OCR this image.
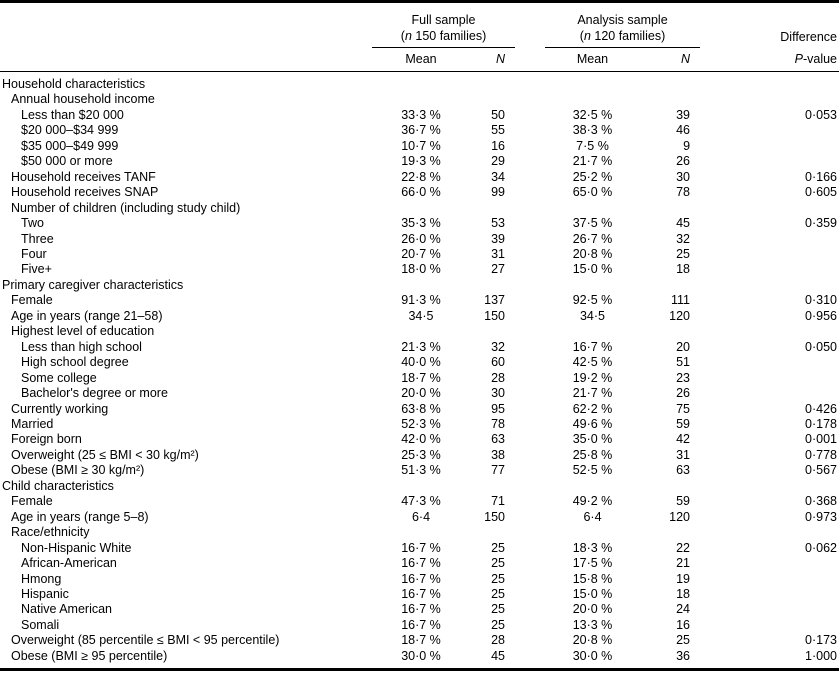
	Full sample
(n 150 families)			Analysis sample
(n 120 families)		Difference
	Mean	N		Mean	N	P-value
Household characteristics						
Annual household income						
Less than $20 000	33·3 %	50		32·5 %	39	0·053
$20 000–$34 999	36·7 %	55		38·3 %	46	
$35 000–$49 999	10·7 %	16		7·5 %	9	
$50 000 or more	19·3 %	29		21·7 %	26	
Household receives TANF	22·8 %	34		25·2 %	30	0·166
Household receives SNAP	66·0 %	99		65·0 %	78	0·605
Number of children (including study child)						
Two	35·3 %	53		37·5 %	45	0·359
Three	26·0 %	39		26·7 %	32	
Four	20·7 %	31		20·8 %	25	
Five+	18·0 %	27		15·0 %	18	
Primary caregiver characteristics						
Female	91·3 %	137		92·5 %	111	0·310
Age in years (range 21–58)	34·5	150		34·5	120	0·956
Highest level of education						
Less than high school	21·3 %	32		16·7 %	20	0·050
High school degree	40·0 %	60		42·5 %	51	
Some college	18·7 %	28		19·2 %	23	
Bachelor's degree or more	20·0 %	30		21·7 %	26	
Currently working	63·8 %	95		62·2 %	75	0·426
Married	52·3 %	78		49·6 %	59	0·178
Foreign born	42·0 %	63		35·0 %	42	0·001
Overweight (25 ≤ BMI < 30 kg/m²)	25·3 %	38		25·8 %	31	0·778
Obese (BMI ≥ 30 kg/m²)	51·3 %	77		52·5 %	63	0·567
Child characteristics						
Female	47·3 %	71		49·2 %	59	0·368
Age in years (range 5–8)	6·4	150		6·4	120	0·973
Race/ethnicity						
Non-Hispanic White	16·7 %	25		18·3 %	22	0·062
African-American	16·7 %	25		17·5 %	21	
Hmong	16·7 %	25		15·8 %	19	
Hispanic	16·7 %	25		15·0 %	18	
Native American	16·7 %	25		20·0 %	24	
Somali	16·7 %	25		13·3 %	16	
Overweight (85 percentile ≤ BMI < 95 percentile)	18·7 %	28		20·8 %	25	0·173
Obese (BMI ≥ 95 percentile)	30·0 %	45		30·0 %	36	1·000
